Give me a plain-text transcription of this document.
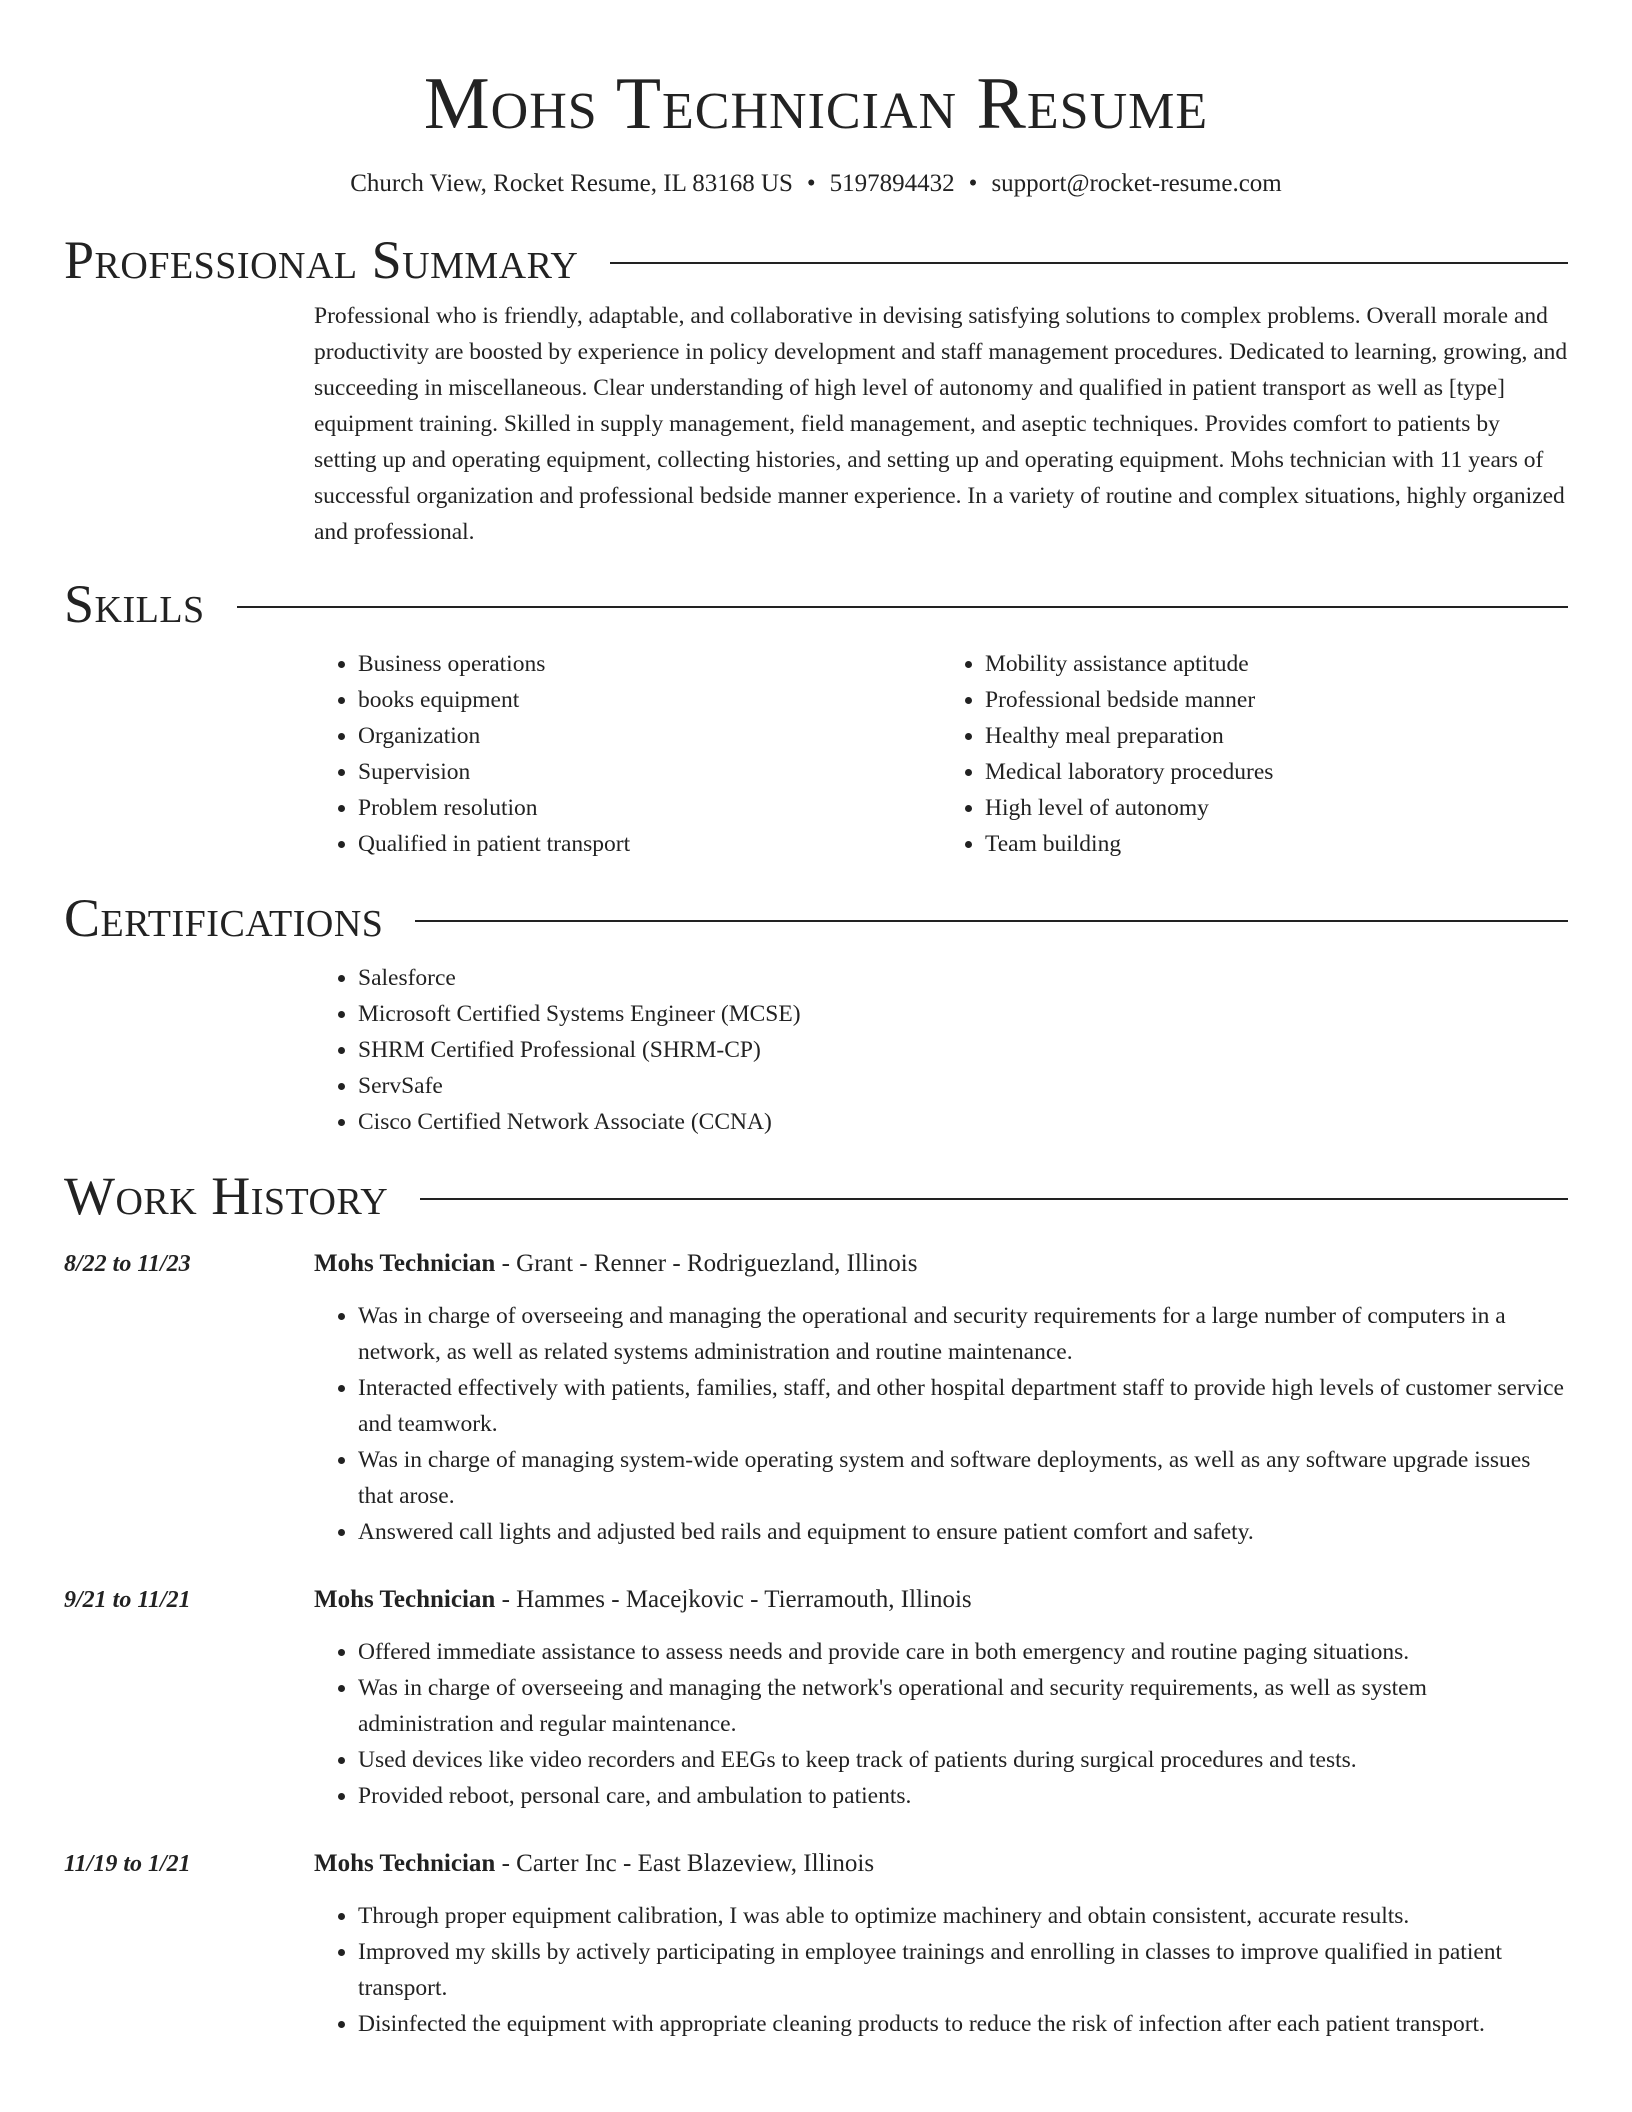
Mohs Technician Resume
Church View, Rocket Resume, IL 83168 US • 5197894432 • support@rocket-resume.com
Professional Summary

Professional who is friendly, adaptable, and collaborative in devising satisfying solutions to complex problems. Overall morale and productivity are boosted by experience in policy development and staff management procedures. Dedicated to learning, growing, and succeeding in miscellaneous. Clear understanding of high level of autonomy and qualified in patient transport as well as [type] equipment training. Skilled in supply management, field management, and aseptic techniques. Provides comfort to patients by setting up and operating equipment, collecting histories, and setting up and operating equipment. Mohs technician with 11 years of successful organization and professional bedside manner experience. In a variety of routine and complex situations, highly organized and professional.

Skills
• Business operations
• books equipment
• Organization
• Supervision
• Problem resolution
• Qualified in patient transport
• Mobility assistance aptitude
• Professional bedside manner
• Healthy meal preparation
• Medical laboratory procedures
• High level of autonomy
• Team building
Certifications
• Salesforce
• Microsoft Certified Systems Engineer (MCSE)
• SHRM Certified Professional (SHRM-CP)
• ServSafe
• Cisco Certified Network Associate (CCNA)
Work History
8/22 to 11/23	Mohs Technician - Grant - Renner - Rodriguezland, Illinois
• Was in charge of overseeing and managing the operational and security requirements for a large number of computers in a network, as well as related systems administration and routine maintenance.
• Interacted effectively with patients, families, staff, and other hospital department staff to provide high levels of customer service and teamwork.
• Was in charge of managing system-wide operating system and software deployments, as well as any software upgrade issues that arose.
• Answered call lights and adjusted bed rails and equipment to ensure patient comfort and safety.
9/21 to 11/21	Mohs Technician - Hammes - Macejkovic - Tierramouth, Illinois
• Offered immediate assistance to assess needs and provide care in both emergency and routine paging situations.
• Was in charge of overseeing and managing the network's operational and security requirements, as well as system administration and regular maintenance.
• Used devices like video recorders and EEGs to keep track of patients during surgical procedures and tests.
• Provided reboot, personal care, and ambulation to patients.
11/19 to 1/21	Mohs Technician - Carter Inc - East Blazeview, Illinois
• Through proper equipment calibration, I was able to optimize machinery and obtain consistent, accurate results.
• Improved my skills by actively participating in employee trainings and enrolling in classes to improve qualified in patient transport.
• Disinfected the equipment with appropriate cleaning products to reduce the risk of infection after each patient transport.
